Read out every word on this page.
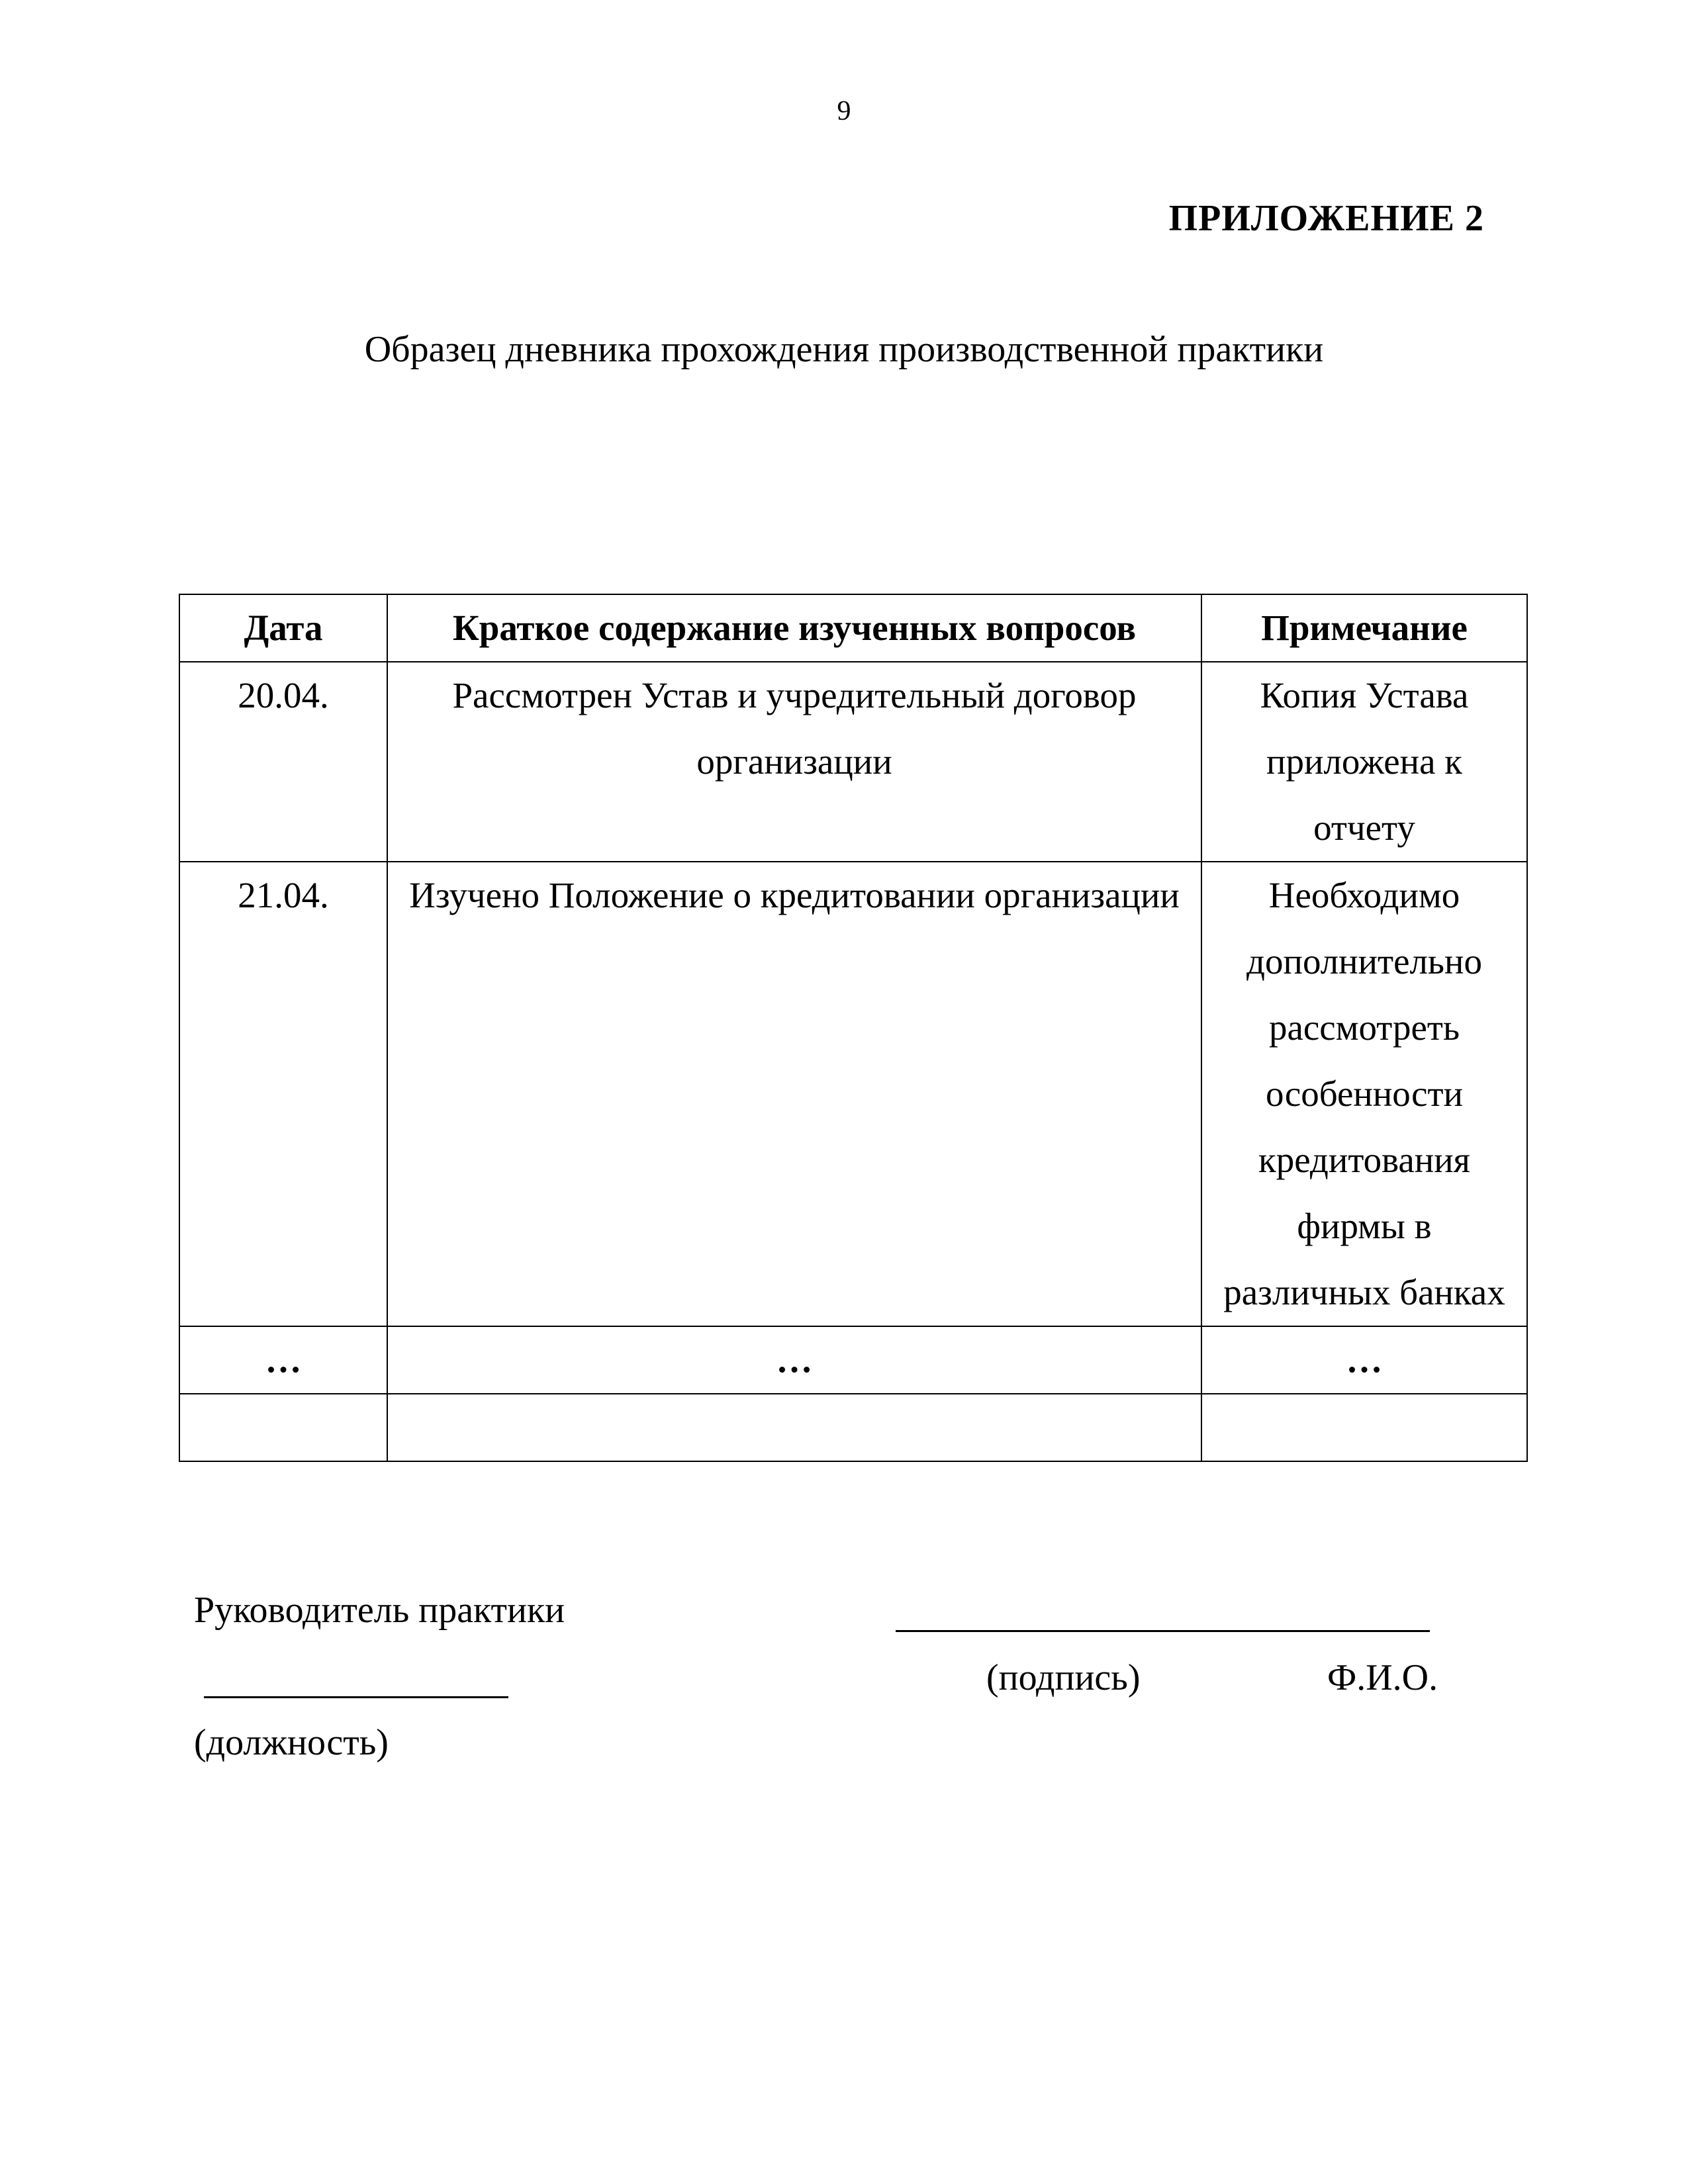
9
ПРИЛОЖЕНИЕ 2
Образец дневника прохождения производственной практики
Дата	Краткое содержание изученных вопросов	Примечание
20.04.	Рассмотрен Устав и учредительный договор организации	Копия Устава приложена к отчету
21.04.	Изучено Положение о кредитовании организации	Необходимо дополнительно рассмотреть особенности кредитования фирмы в различных банках
…	…	…

Руководитель практики
(подпись)	Ф.И.О.
(должность)
